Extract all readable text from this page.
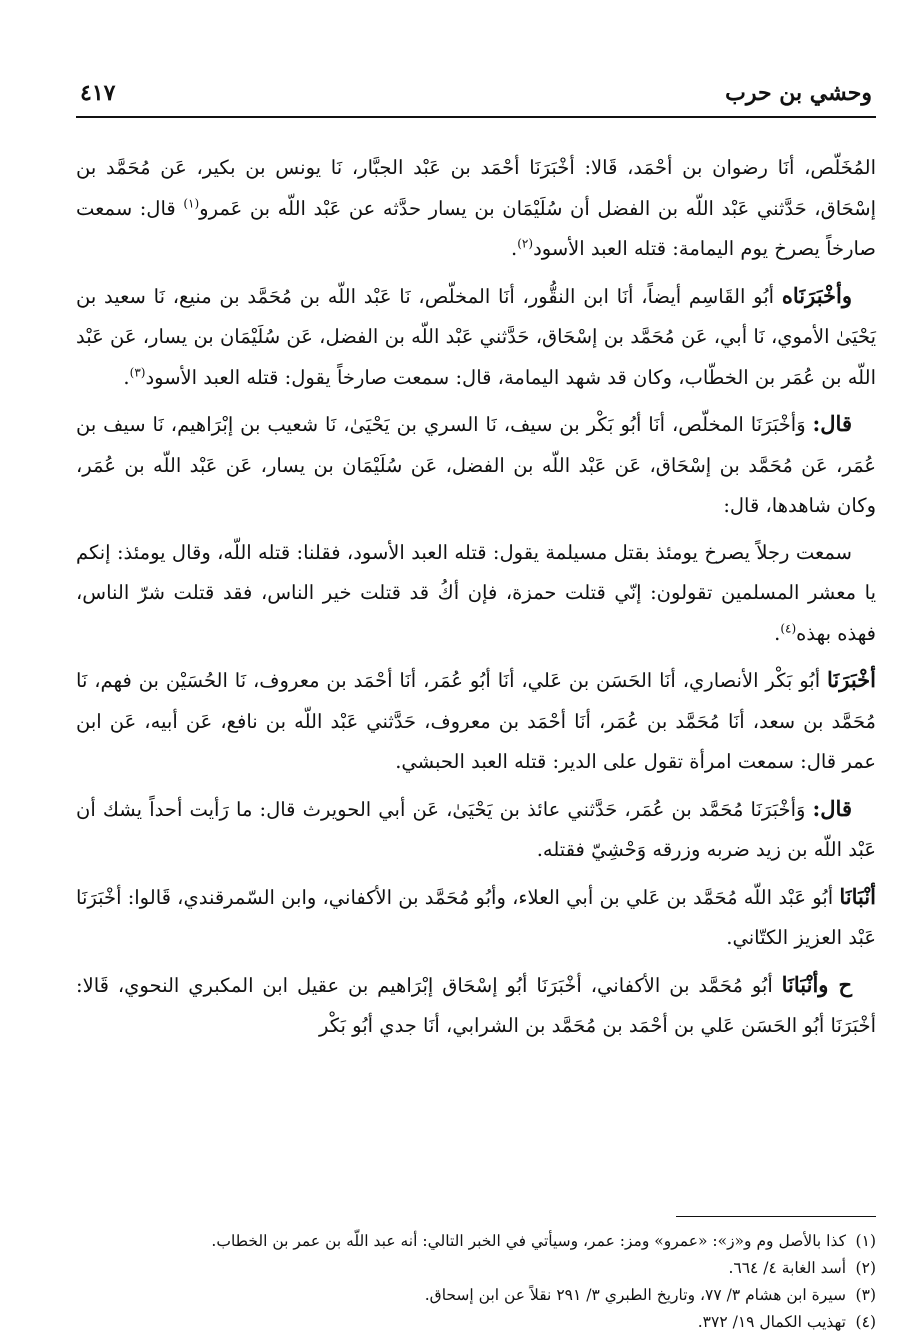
وحشي بن حرب
٤١٧

المُخَلّص، أنَا رضوان بن أحْمَد، قَالا: أخْبَرَنَا أحْمَد بن عَبْد الجبَّار، نَا يونس بن بكير، عَن مُحَمَّد بن إسْحَاق، حَدَّثني عَبْد اللّه بن الفضل أن سُلَيْمَان بن يسار حدَّثه عن عَبْد اللّه بن عَمرو$^{(١)}$ قال: سمعت صارخاً يصرخ يوم اليمامة: قتله العبد الأسود$^{(٢)}$.

وأخْبَرَنَاه أبُو القَاسِم أيضاً، أنَا ابن النقُّور، أنَا المخلّص، نَا عَبْد اللّه بن مُحَمَّد بن منيع، نَا سعيد بن يَحْيَىٰ الأموي، نَا أبي، عَن مُحَمَّد بن إسْحَاق، حَدَّثني عَبْد اللّه بن الفضل، عَن سُلَيْمَان بن يسار، عَن عَبْد اللّه بن عُمَر بن الخطّاب، وكان قد شهد اليمامة، قال: سمعت صارخاً يقول: قتله العبد الأسود$^{(٣)}$.

قال: وَأخْبَرَنَا المخلّص، أنَا أبُو بَكْر بن سيف، نَا السري بن يَحْيَىٰ، نَا شعيب بن إبْرَاهيم، نَا سيف بن عُمَر، عَن مُحَمَّد بن إسْحَاق، عَن عَبْد اللّه بن الفضل، عَن سُلَيْمَان بن يسار، عَن عَبْد اللّه بن عُمَر، وكان شاهدها، قال:

سمعت رجلاً يصرخ يومئذ بقتل مسيلمة يقول: قتله العبد الأسود، فقلنا: قتله اللّه، وقال يومئذ: إنكم يا معشر المسلمين تقولون: إنّي قتلت حمزة، فإن أكُ قد قتلت خير الناس، فقد قتلت شرّ الناس، فهذه بهذه$^{(٤)}$.

أخْبَرَنَا أبُو بَكْر الأنصاري، أنَا الحَسَن بن عَلي، أنَا أبُو عُمَر، أنَا أحْمَد بن معروف، نَا الحُسَيْن بن فهم، نَا مُحَمَّد بن سعد، أنَا مُحَمَّد بن عُمَر، أنَا أحْمَد بن معروف، حَدَّثني عَبْد اللّه بن نافع، عَن أبيه، عَن ابن عمر قال: سمعت امرأة تقول على الدير: قتله العبد الحبشي.

قال: وَأخْبَرَنَا مُحَمَّد بن عُمَر، حَدَّثني عائذ بن يَحْيَىٰ، عَن أبي الحويرث قال: ما رَأيت أحداً يشك أن عَبْد اللّه بن زيد ضربه وزرقه وَحْشِيّ فقتله.

أنْبَانَا أبُو عَبْد اللّه مُحَمَّد بن عَلي بن أبي العلاء، وأبُو مُحَمَّد بن الأكفاني، وابن السّمرقندي، قَالوا: أخْبَرَنَا عَبْد العزيز الكتّاني.

ح وأنْبَانَا أبُو مُحَمَّد بن الأكفاني، أخْبَرَنَا أبُو إسْحَاق إبْرَاهيم بن عقيل ابن المكبري النحوي، قَالا: أخْبَرَنَا أبُو الحَسَن عَلي بن أحْمَد بن مُحَمَّد بن الشرابي، أنَا جدي أبُو بَكْر

(١)كذا بالأصل وم و«ز»: «عمرو» ومز: عمر، وسيأتي في الخبر التالي: أنه عبد اللّه بن عمر بن الخطاب.

(٢)أسد الغابة ٤/ ٦٦٤.

(٣)سيرة ابن هشام ٣/ ٧٧، وتاريخ الطبري ٣/ ٢٩١ نقلاً عن ابن إسحاق.

(٤)تهذيب الكمال ١٩/ ٣٧٢.
